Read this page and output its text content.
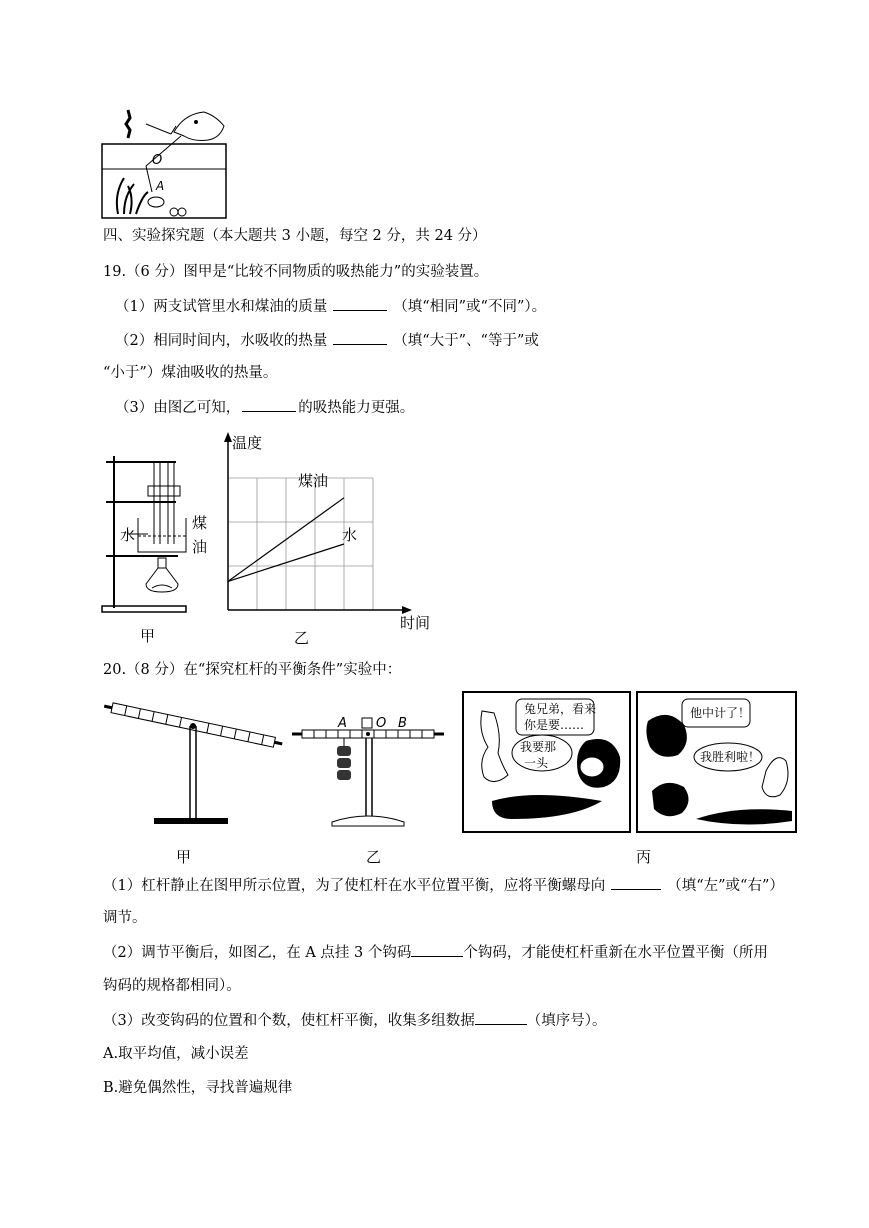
O
A
四、实验探究题（本大题共 3 小题，每空 2 分，共 24 分）
19.（6 分）图甲是“比较不同物质的吸热能力”的实验装置。
（1）两支试管里水和煤油的质量	（填“相同”或“不同”）。
（2）相同时间内，水吸收的热量	（填“大于”、“等于”或
“小于”）煤油吸收的热量。
（3）由图乙可知，	的吸热能力更强。
水
煤
油
甲
温度
时间
煤油
水
乙
20.（8 分）在“探究杠杆的平衡条件”实验中：
A O B
兔兄弟，看来
你是要……
我要那
一头
他中计了！
我胜利啦！
甲	乙	丙
（1）杠杆静止在图甲所示位置，为了使杠杆在水平位置平衡，应将平衡螺母向	（填“左”或“右”）
调节。
（2）调节平衡后，如图乙，在 A 点挂 3 个钩码	个钩码，才能使杠杆重新在水平位置平衡（所用
钩码的规格都相同）。
（3）改变钩码的位置和个数，使杠杆平衡，收集多组数据	（填序号）。
A.取平均值，减小误差
B.避免偶然性，寻找普遍规律
